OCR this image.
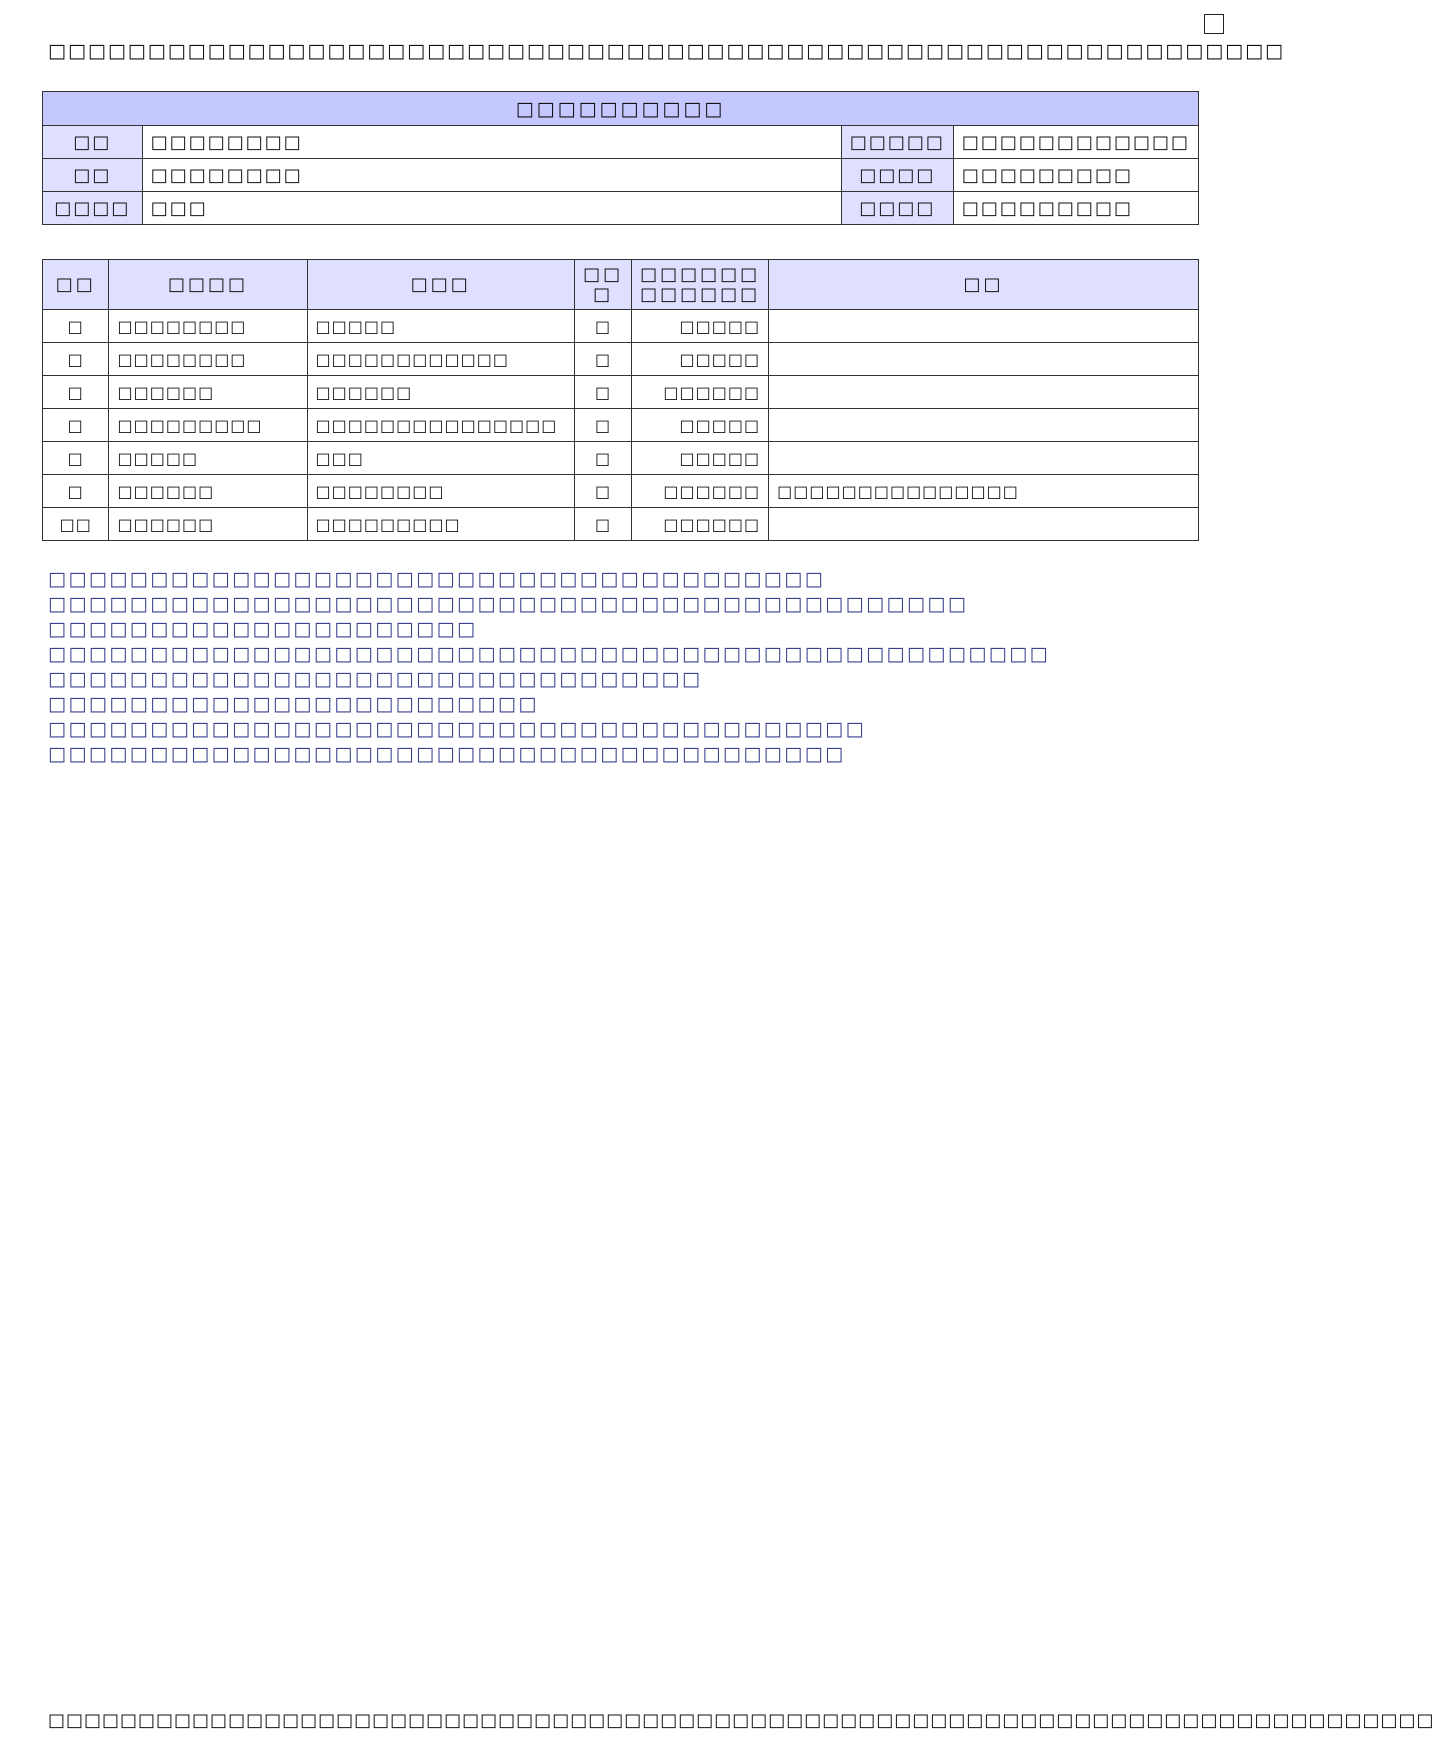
□□□□□□□□□□□□□□□□□□□□□□□□□□□□□□□□□□□□□□□□□□□□□□□□□□□□□□□□□□□□□□
□□□□□□□□□□			
□□	□□□□□□□□	□□□□□	□□□□□□□□□□□□
□□	□□□□□□□□	□□□□	□□□□□□□□□
□□□□	□□□	□□□□	□□□□□□□□□
□□	□□□□	□□□	□□ □	□□□□□□ □□□□□□	□□
□	□□□□□□□□	□□□□□	□	□□□□□	
□	□□□□□□□□	□□□□□□□□□□□□	□	□□□□□	
□	□□□□□□	□□□□□□	□	□□□□□□	
□	□□□□□□□□□	□□□□□□□□□□□□□□□	□	□□□□□	
□	□□□□□	□□□	□	□□□□□	
□	□□□□□□	□□□□□□□□	□	□□□□□□	□□□□□□□□□□□□□□□
□□	□□□□□□	□□□□□□□□□	□	□□□□□□	
□□□□□□□□□□□□□□□□□□□□□□□□□□□□□□□□□□□□□□
□□□□□□□□□□□□□□□□□□□□□□□□□□□□□□□□□□□□□□□□□□□□□
□□□□□□□□□□□□□□□□□□□□□
□□□□□□□□□□□□□□□□□□□□□□□□□□□□□□□□□□□□□□□□□□□□□□□□□
□□□□□□□□□□□□□□□□□□□□□□□□□□□□□□□□
□□□□□□□□□□□□□□□□□□□□□□□□
□□□□□□□□□□□□□□□□□□□□□□□□□□□□□□□□□□□□□□□□
□□□□□□□□□□□□□□□□□□□□□□□□□□□□□□□□□□□□□□□
□□□□□□□□□□□□□□□□□□□□□□□□□□□□□□□□□□□□□□□□□□□□□□□□□□□□□□□□□□□□□□□□□□□□□□□□□□□□□
